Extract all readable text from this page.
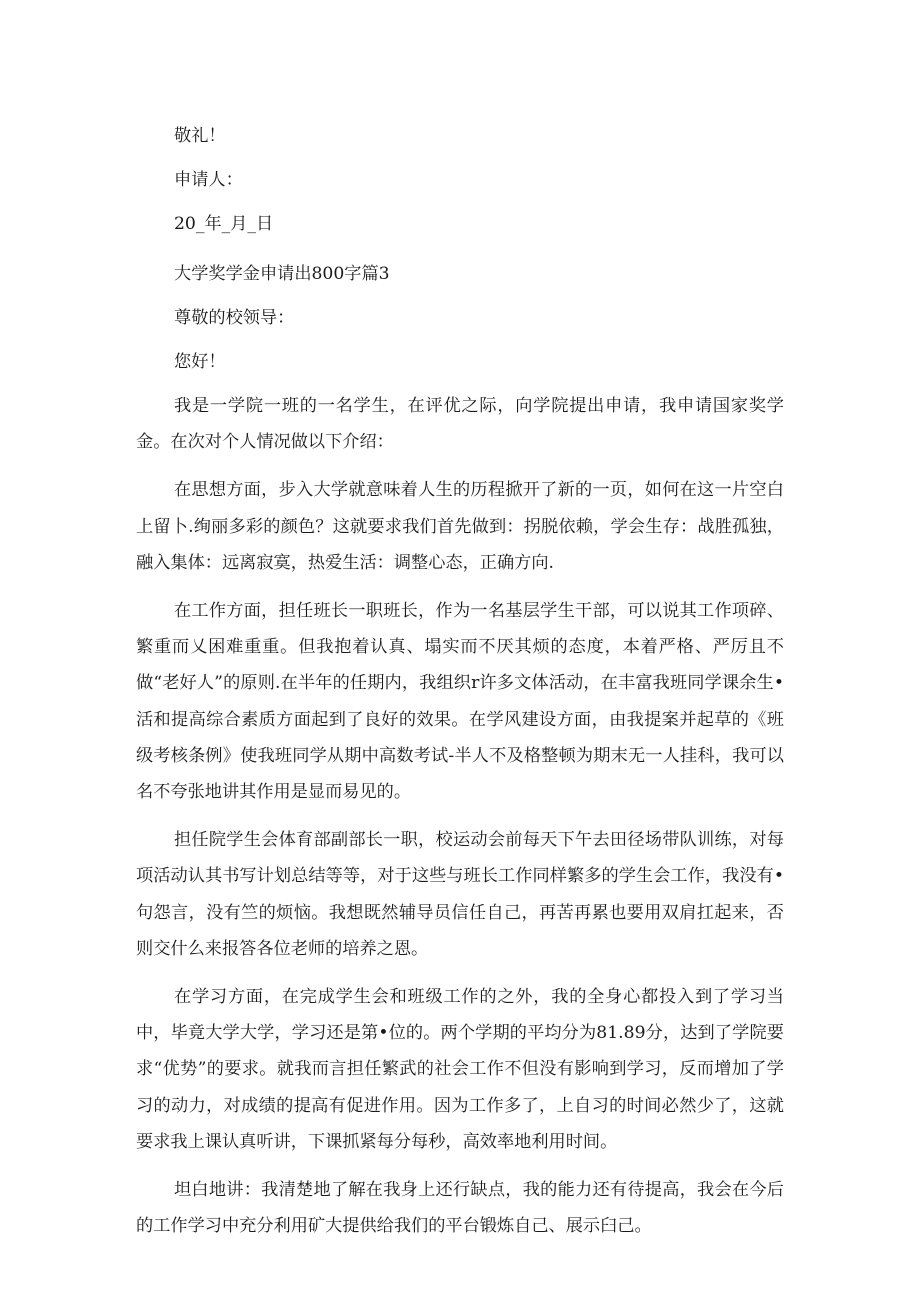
敬礼！

申请人：

20_年_月_日

大学奖学金申请出800字篇3

尊敬的校领导：

您好！

我是一学院一班的一名学生，在评优之际，向学院提出申请，我申请国家奖学金。在次对个人情况做以下介绍：

在思想方面，步入大学就意味着人生的历程掀开了新的一页，如何在这一片空白上留卜.绚丽多彩的颜色？这就要求我们首先做到：拐脱依赖，学会生存：战胜孤独，融入集体：远离寂寞，热爱生活：调整心态，正确方向.

在工作方面，担任班长一职班长，作为一名基层学生干部，可以说其工作项碎、繁重而乂困难重重。但我抱着认真、塌实而不厌其烦的态度，本着严格、严厉且不做“老好人”的原则.在半年的任期内，我组织r许多文体活动，在丰富我班同学课余生•活和提高综合素质方面起到了良好的效果。在学风建设方面，由我提案并起草的《班级考核条例》使我班同学从期中高数考试-半人不及格整顿为期末无一人挂科，我可以名不夸张地讲其作用是显而易见的。

担任院学生会体育部副部长一职，校运动会前每天下午去田径场带队训练，对每项活动认其书写计划总结等等，对于这些与班长工作同样繁多的学生会工作，我没有•句怨言，没有竺的烦恼。我想既然辅导员信任自己，再苦再累也要用双肩扛起来，否则交什么来报答各位老师的培养之恩。

在学习方面，在完成学生会和班级工作的之外，我的全身心都投入到了学习当中，毕竟大学大学，学习还是第•位的。两个学期的平均分为81.89分，达到了学院要求“优势”的要求。就我而言担任繁武的社会工作不但没有影响到学习，反而增加了学习的动力，对成绩的提高有促进作用。因为工作多了，上自习的时间必然少了，这就要求我上课认真听讲，下课抓紧每分每秒，高效率地利用时间。

坦白地讲：我清楚地了解在我身上还行缺点，我的能力还有待提高，我会在今后的工作学习中充分利用矿大提供给我们的平台锻炼自己、展示臼己。
